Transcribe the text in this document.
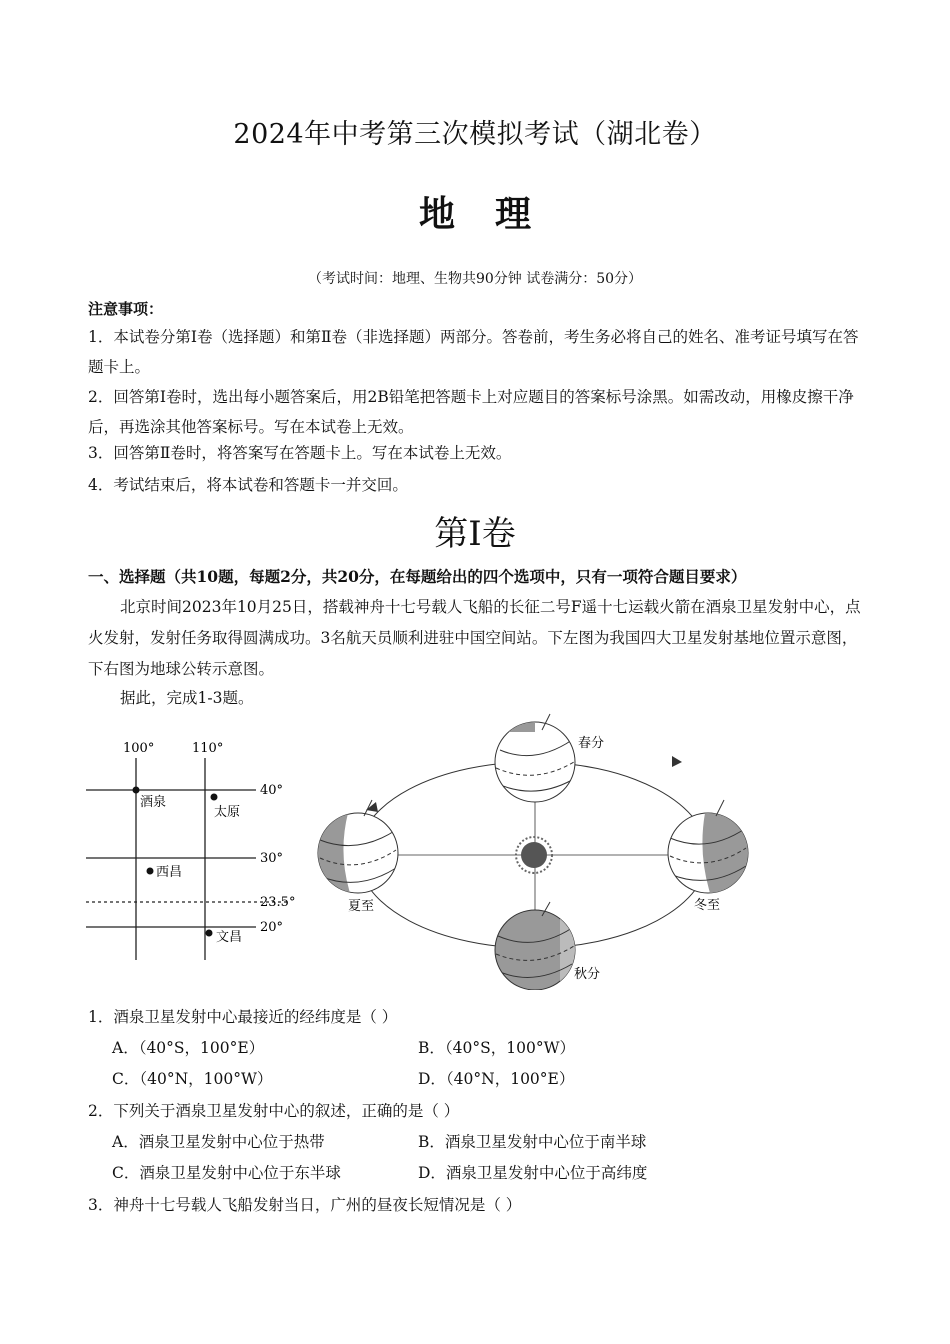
2024年中考第三次模拟考试（湖北卷）
地理
（考试时间：地理、生物共90分钟 试卷满分：50分）
注意事项：
1．本试卷分第Ⅰ卷（选择题）和第Ⅱ卷（非选择题）两部分。答卷前，考生务必将自己的姓名、准考证号填写在答题卡上。
2．回答第Ⅰ卷时，选出每小题答案后，用2B铅笔把答题卡上对应题目的答案标号涂黑。如需改动，用橡皮擦干净后，再选涂其他答案标号。写在本试卷上无效。
3．回答第Ⅱ卷时，将答案写在答题卡上。写在本试卷上无效。
4．考试结束后，将本试卷和答题卡一并交回。
第Ⅰ卷
一、选择题（共10题，每题2分，共20分，在每题给出的四个选项中，只有一项符合题目要求）
北京时间2023年10月25日，搭载神舟十七号载人飞船的长征二号F遥十七运载火箭在酒泉卫星发射中心，点火发射，发射任务取得圆满成功。3名航天员顺利进驻中国空间站。下左图为我国四大卫星发射基地位置示意图，下右图为地球公转示意图。
据此，完成1-3题。
100°	110°
40°
30°
23.5°
20°
酒泉
太原
西昌
文昌
春分
夏至
秋分
冬至
1．酒泉卫星发射中心最接近的经纬度是（ ）
A．（40°S，100°E）	B．（40°S，100°W）
C．（40°N，100°W）	D．（40°N，100°E）
2．下列关于酒泉卫星发射中心的叙述，正确的是（ ）
A．酒泉卫星发射中心位于热带	B．酒泉卫星发射中心位于南半球
C．酒泉卫星发射中心位于东半球	D．酒泉卫星发射中心位于高纬度
3．神舟十七号载人飞船发射当日，广州的昼夜长短情况是（ ）
